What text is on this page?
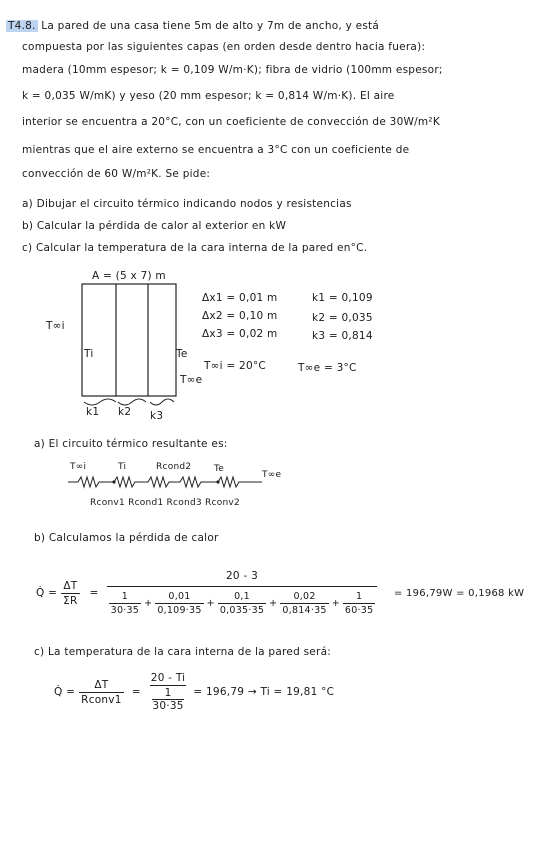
T4.8. La pared de una casa tiene 5m de alto y 7m de ancho, y está
compuesta por las siguientes capas (en orden desde dentro hacia fuera):
madera (10mm espesor; k = 0,109 W/m·K); fibra de vidrio (100mm espesor;
k = 0,035 W/mK) y yeso (20 mm espesor; k = 0,814 W/m·K). El aire
interior se encuentra a 20°C, con un coeficiente de convección de 30W/m²K
mientras que el aire externo se encuentra a 3°C con un coeficiente de
convección de 60 W/m²K. Se pide:
a) Dibujar el circuito térmico indicando nodos y resistencias
b) Calcular la pérdida de calor al exterior en kW
c) Calcular la temperatura de la cara interna de la pared en°C.
A = (5 x 7) m
T∞i
Ti	Te
T∞e
k1 k2 k3
Δx1 = 0,01 m
Δx2 = 0,10 m
Δx3 = 0,02 m
k1 = 0,109
k2 = 0,035
k3 = 0,814
T∞i = 20°C	T∞e = 3°C
a) El circuito térmico resultante es:
T∞i	Ti	Rcond2	Te
T∞e
Rconv1 Rcond1 Rcond3 Rconv2
b) Calculamos la pérdida de calor
Q̇ = $\frac{\Delta T}{\Sigma R}$ =
20 - 3
$\frac{1}{30\cdot 35} + \frac{0,01}{0,109\cdot 35} + \frac{0,1}{0,035\cdot 35} + \frac{0,02}{0,814\cdot 35} + \frac{1}{60\cdot 35} = 196,79W = 0,1968$ kW
c) La temperatura de la cara interna de la pared será:
Q̇ = $\frac{\Delta T}{\text{Rconv1}} = \frac{20 - Ti}{\frac{1}{30\cdot 35}} = 196,79 \to Ti = 19,81$ °C
